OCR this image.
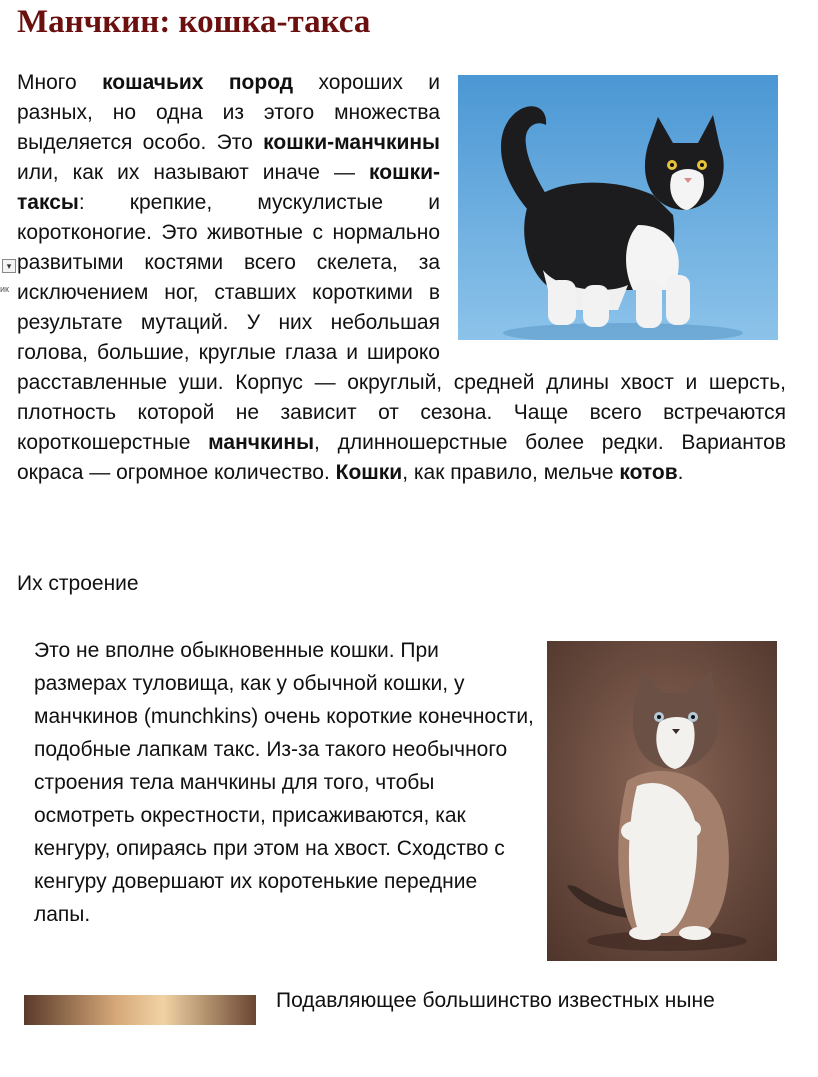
Манчкин: кошка-такса
▾
ик
Много кошачьих пород хороших и разных, но одна из этого множества выделяется особо. Это кошки-манчкины или, как их называют иначе — кошки-таксы: крепкие, мускулистые и коротконогие. Это животные с нормально развитыми костями всего скелета, за исключением ног, ставших короткими в результате мутаций. У них небольшая голова, большие, круглые глаза и широко расставленные уши. Корпус — округлый, средней длины хвост и шерсть, плотность которой не зависит от сезона. Чаще всего встречаются короткошерстные манчкины, длинношерстные более редки. Вариантов окраса — огромное количество. Кошки, как правило, мельче котов.

Их строение

Это не вполне обыкновенные кошки. При размерах туловища, как у обычной кошки, у манчкинов (munchkins) очень короткие конечности, подобные лапкам такс. Из-за такого необычного строения тела манчкины для того, чтобы осмотреть окрестности, присаживаются, как кенгуру, опираясь при этом на хвост. Сходство с кенгуру довершают их коротенькие передние лапы.

Подавляющее большинство известных ныне
